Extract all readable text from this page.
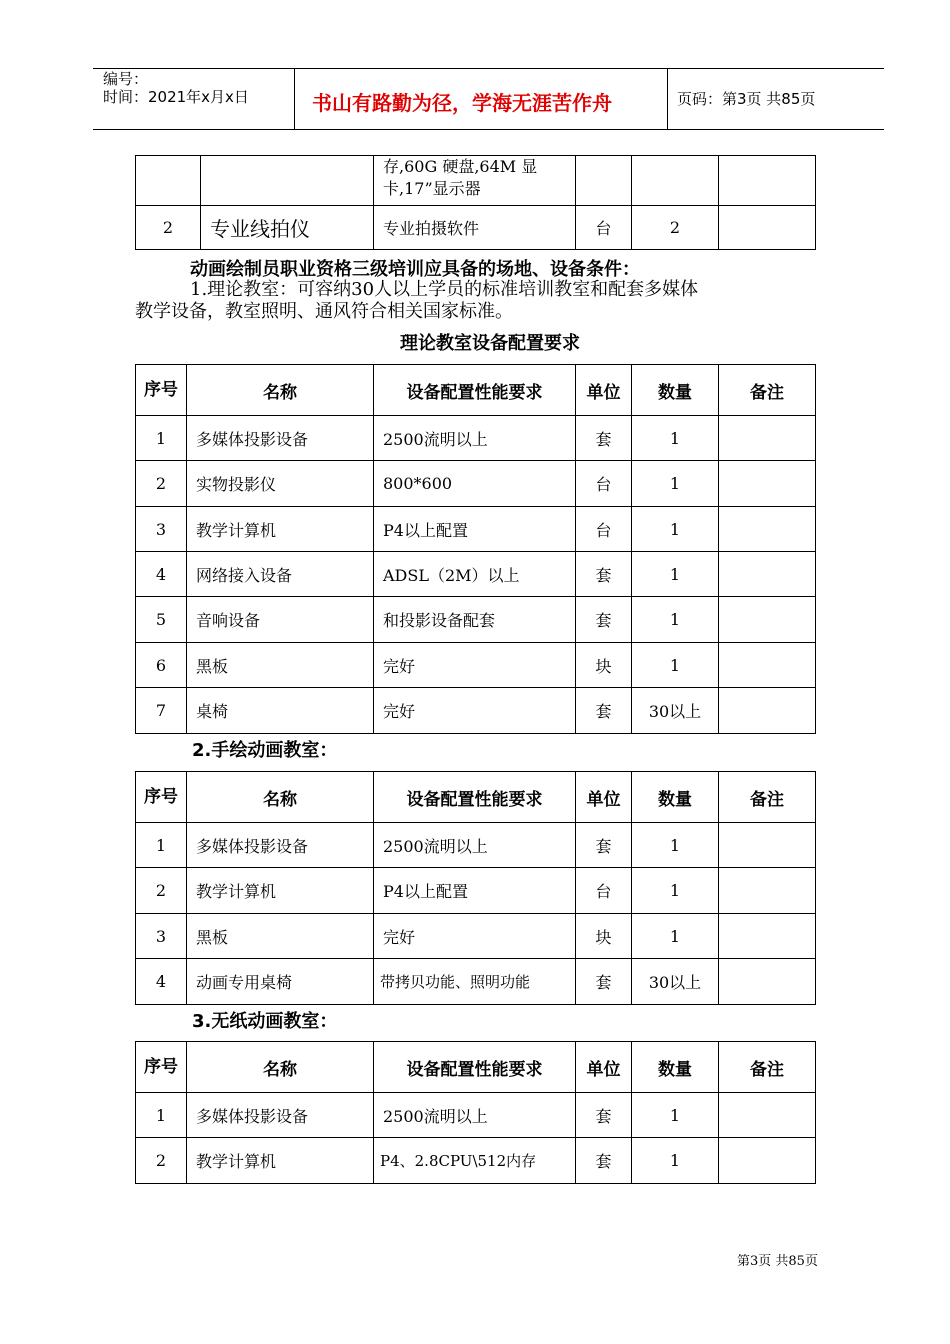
编号：
时间：2021年x月x日	书山有路勤为径，学海无涯苦作舟	页码：第3页 共85页
		存,60G 硬盘,64M 显卡,17”显示器			
2	专业线拍仪	专业拍摄软件	台	2	
动画绘制员职业资格三级培训应具备的场地、设备条件：
1.理论教室：可容纳30人以上学员的标准培训教室和配套多媒体
教学设备，教室照明、通风符合相关国家标准。
理论教室设备配置要求
序号	名称	设备配置性能要求	单位	数量	备注
1	多媒体投影设备	2500流明以上	套	1	
2	实物投影仪	800*600	台	1	
3	教学计算机	P4以上配置	台	1	
4	网络接入设备	ADSL（2M）以上	套	1	
5	音响设备	和投影设备配套	套	1	
6	黑板	完好	块	1	
7	桌椅	完好	套	30以上	
2.手绘动画教室：
序号	名称	设备配置性能要求	单位	数量	备注
1	多媒体投影设备	2500流明以上	套	1	
2	教学计算机	P4以上配置	台	1	
3	黑板	完好	块	1	
4	动画专用桌椅	带拷贝功能、照明功能	套	30以上	
3.无纸动画教室：
序号	名称	设备配置性能要求	单位	数量	备注
1	多媒体投影设备	2500流明以上	套	1	
2	教学计算机	P4、2.8CPU\512内存	套	1	
第3页 共85页
